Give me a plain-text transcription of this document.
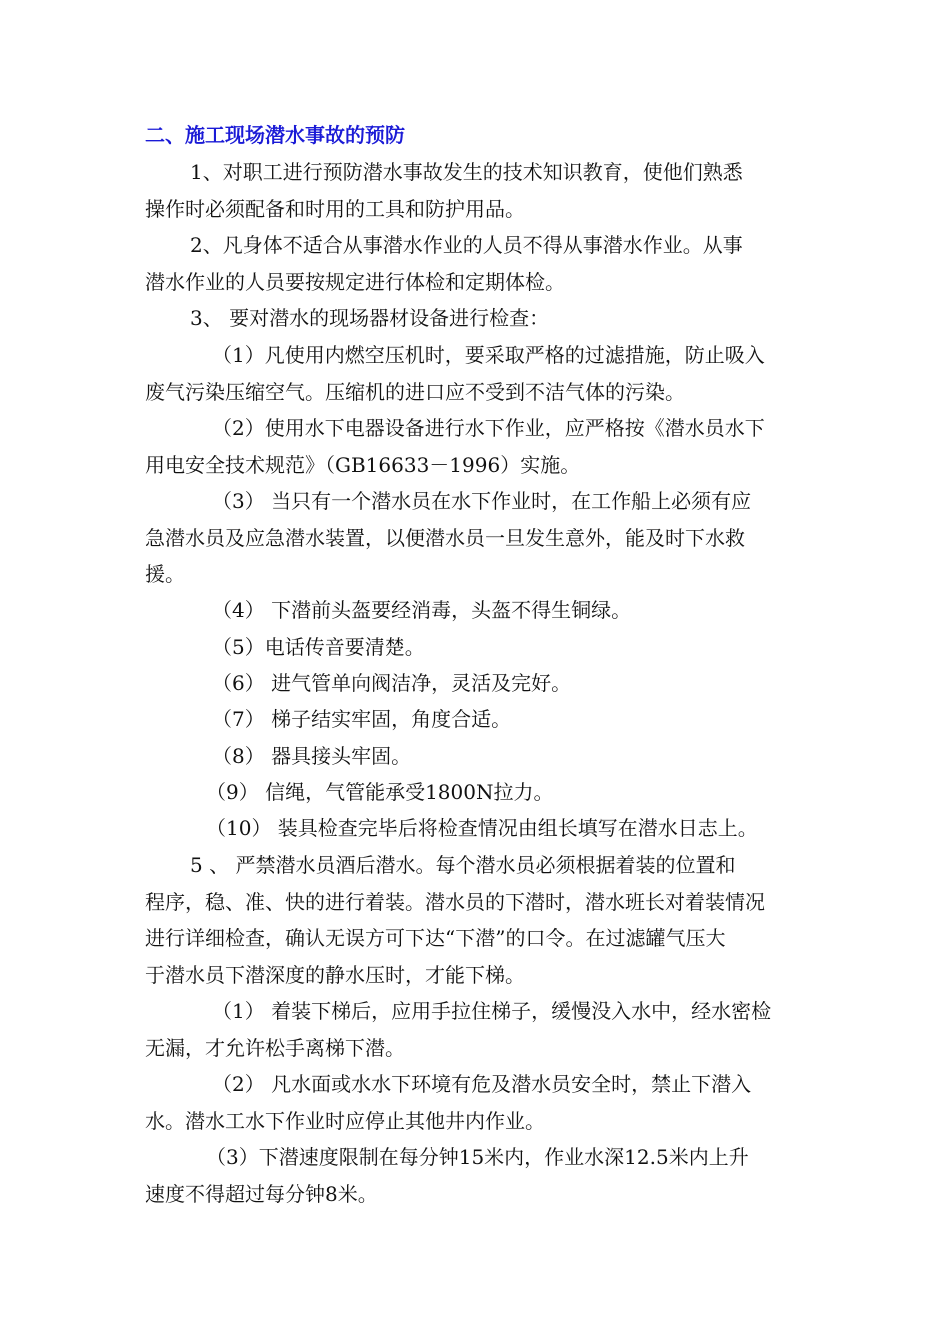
二、施工现场潜水事故的预防
1、对职工进行预防潜水事故发生的技术知识教育，使他们熟悉
操作时必须配备和时用的工具和防护用品。
2、凡身体不适合从事潜水作业的人员不得从事潜水作业。从事
潜水作业的人员要按规定进行体检和定期体检。
3、 要对潜水的现场器材设备进行检查：
（1）凡使用内燃空压机时，要采取严格的过滤措施，防止吸入
废气污染压缩空气。压缩机的进口应不受到不洁气体的污染。
（2）使用水下电器设备进行水下作业，应严格按《潜水员水下
用电安全技术规范》（GB16633－1996）实施。
（3） 当只有一个潜水员在水下作业时，在工作船上必须有应
急潜水员及应急潜水装置，以便潜水员一旦发生意外，能及时下水救
援。
（4） 下潜前头盔要经消毒，头盔不得生铜绿。
（5）电话传音要清楚。
（6） 进气管单向阀洁净，灵活及完好。
（7） 梯子结实牢固，角度合适。
（8） 器具接头牢固。
（9） 信绳，气管能承受1800N拉力。
（10） 装具检查完毕后将检查情况由组长填写在潜水日志上。
5 、 严禁潜水员酒后潜水。每个潜水员必须根据着装的位置和
程序，稳、准、快的进行着装。潜水员的下潜时，潜水班长对着装情况
进行详细检查，确认无误方可下达“下潜”的口令。在过滤罐气压大
于潜水员下潜深度的静水压时，才能下梯。
（1） 着装下梯后，应用手拉住梯子，缓慢没入水中，经水密检
无漏，才允许松手离梯下潜。
（2） 凡水面或水水下环境有危及潜水员安全时，禁止下潜入
水。潜水工水下作业时应停止其他井内作业。
（3）下潜速度限制在每分钟15米内，作业水深12.5米内上升
速度不得超过每分钟8米。
